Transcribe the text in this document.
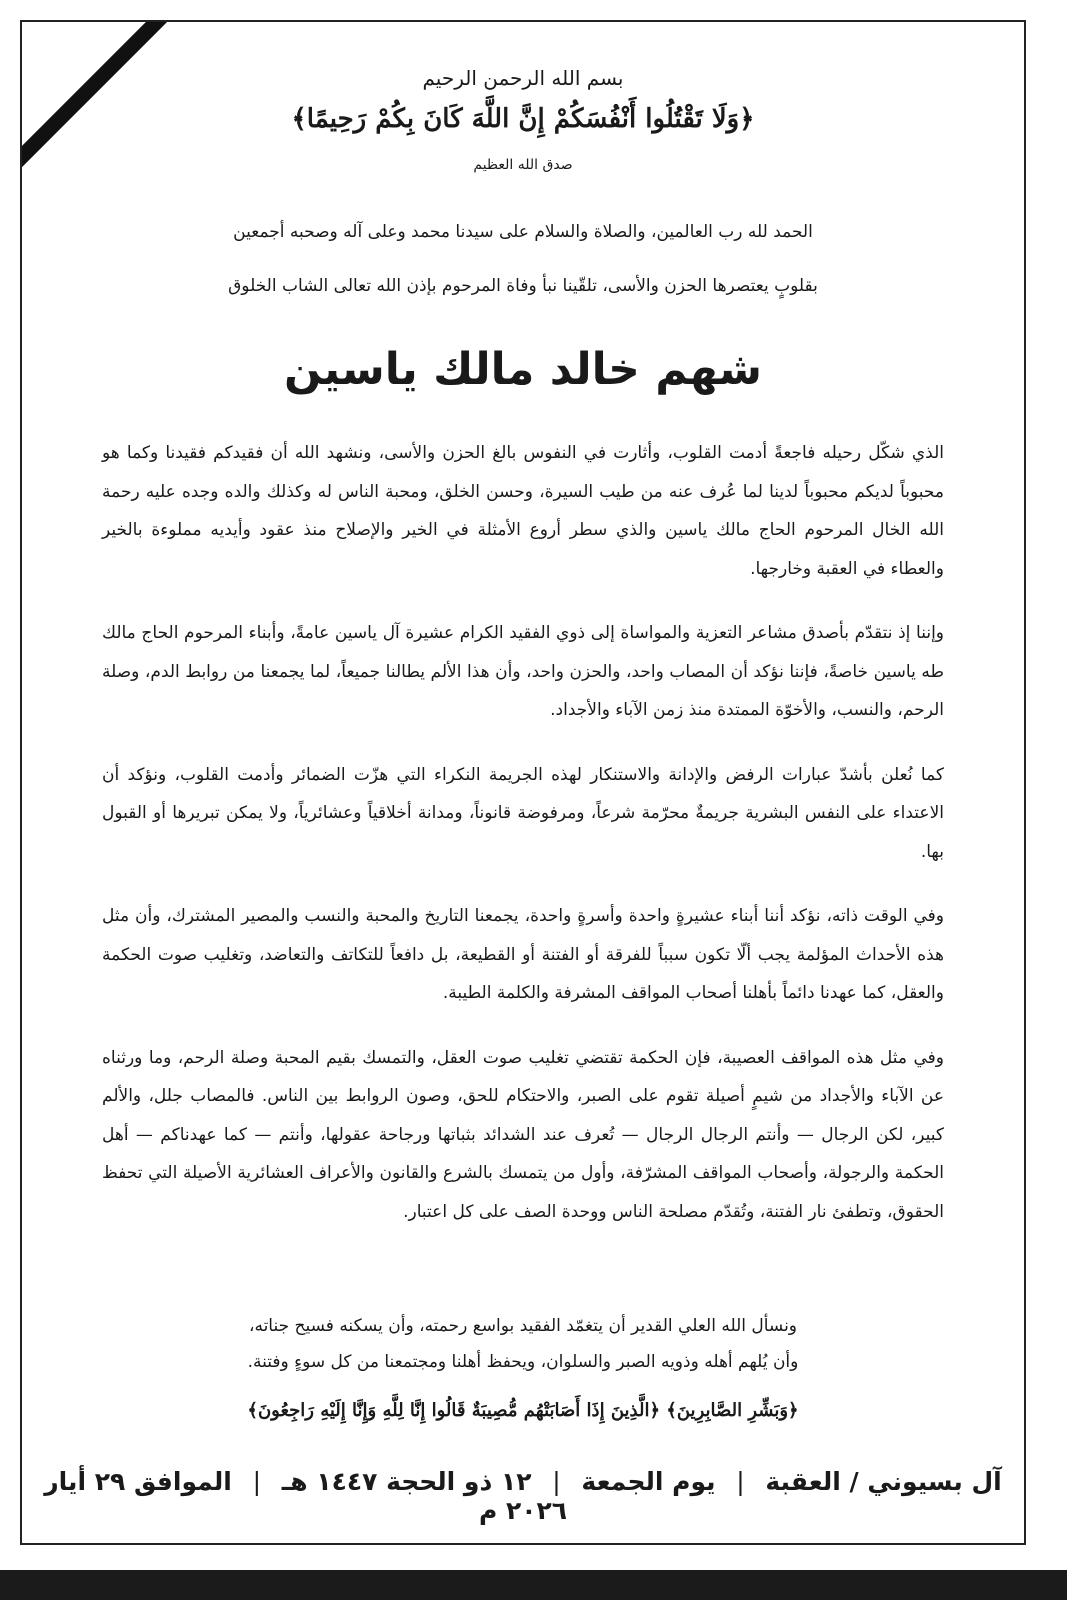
بسم الله الرحمن الرحيم
﴿وَلَا تَقْتُلُوا أَنْفُسَكُمْ إِنَّ اللَّهَ كَانَ بِكُمْ رَحِيمًا﴾
صدق الله العظيم
الحمد لله رب العالمين، والصلاة والسلام على سيدنا محمد وعلى آله وصحبه أجمعين
بقلوبٍ يعتصرها الحزن والأسى، تلقّينا نبأ وفاة المرحوم بإذن الله تعالى الشاب الخلوق
شهم خالد مالك ياسين

الذي شكّل رحيله فاجعةً أدمت القلوب، وأثارت في النفوس بالغ الحزن والأسى، ونشهد الله أن فقيدكم فقيدنا وكما هو محبوباً لديكم محبوباً لدينا لما عُرف عنه من طيب السيرة، وحسن الخلق، ومحبة الناس له وكذلك والده وجده عليه رحمة الله الخال المرحوم الحاج مالك ياسين والذي سطر أروع الأمثلة في الخير والإصلاح منذ عقود وأيديه مملوءة بالخير والعطاء في العقبة وخارجها.

وإننا إذ نتقدّم بأصدق مشاعر التعزية والمواساة إلى ذوي الفقيد الكرام عشيرة آل ياسين عامةً، وأبناء المرحوم الحاج مالك طه ياسين خاصةً، فإننا نؤكد أن المصاب واحد، والحزن واحد، وأن هذا الألم يطالنا جميعاً، لما يجمعنا من روابط الدم، وصلة الرحم، والنسب، والأخوّة الممتدة منذ زمن الآباء والأجداد.

كما نُعلن بأشدّ عبارات الرفض والإدانة والاستنكار لهذه الجريمة النكراء التي هزّت الضمائر وأدمت القلوب، ونؤكد أن الاعتداء على النفس البشرية جريمةٌ محرّمة شرعاً، ومرفوضة قانوناً، ومدانة أخلاقياً وعشائرياً، ولا يمكن تبريرها أو القبول بها.

وفي الوقت ذاته، نؤكد أننا أبناء عشيرةٍ واحدة وأسرةٍ واحدة، يجمعنا التاريخ والمحبة والنسب والمصير المشترك، وأن مثل هذه الأحداث المؤلمة يجب ألّا تكون سبباً للفرقة أو الفتنة أو القطيعة، بل دافعاً للتكاتف والتعاضد، وتغليب صوت الحكمة والعقل، كما عهدنا دائماً بأهلنا أصحاب المواقف المشرفة والكلمة الطيبة.

وفي مثل هذه المواقف العصيبة، فإن الحكمة تقتضي تغليب صوت العقل، والتمسك بقيم المحبة وصلة الرحم، وما ورثناه عن الآباء والأجداد من شيمٍ أصيلة تقوم على الصبر، والاحتكام للحق، وصون الروابط بين الناس. فالمصاب جلل، والألم كبير، لكن الرجال — وأنتم الرجال الرجال — تُعرف عند الشدائد بثباتها ورجاحة عقولها، وأنتم — كما عهدناكم — أهل الحكمة والرجولة، وأصحاب المواقف المشرّفة، وأول من يتمسك بالشرع والقانون والأعراف العشائرية الأصيلة التي تحفظ الحقوق، وتطفئ نار الفتنة، وتُقدّم مصلحة الناس ووحدة الصف على كل اعتبار.

ونسأل الله العلي القدير أن يتغمّد الفقيد بواسع رحمته، وأن يسكنه فسيح جناته،
وأن يُلهم أهله وذويه الصبر والسلوان، ويحفظ أهلنا ومجتمعنا من كل سوءٍ وفتنة.
﴿وَبَشِّرِ الصَّابِرِينَ﴾ ﴿الَّذِينَ إِذَا أَصَابَتْهُم مُّصِيبَةٌ قَالُوا إِنَّا لِلَّهِ وَإِنَّا إِلَيْهِ رَاجِعُونَ﴾
آل بسيوني / العقبة | يوم الجمعة | ١٢ ذو الحجة ١٤٤٧ هـ | الموافق ٢٩ أيار ٢٠٢٦ م
